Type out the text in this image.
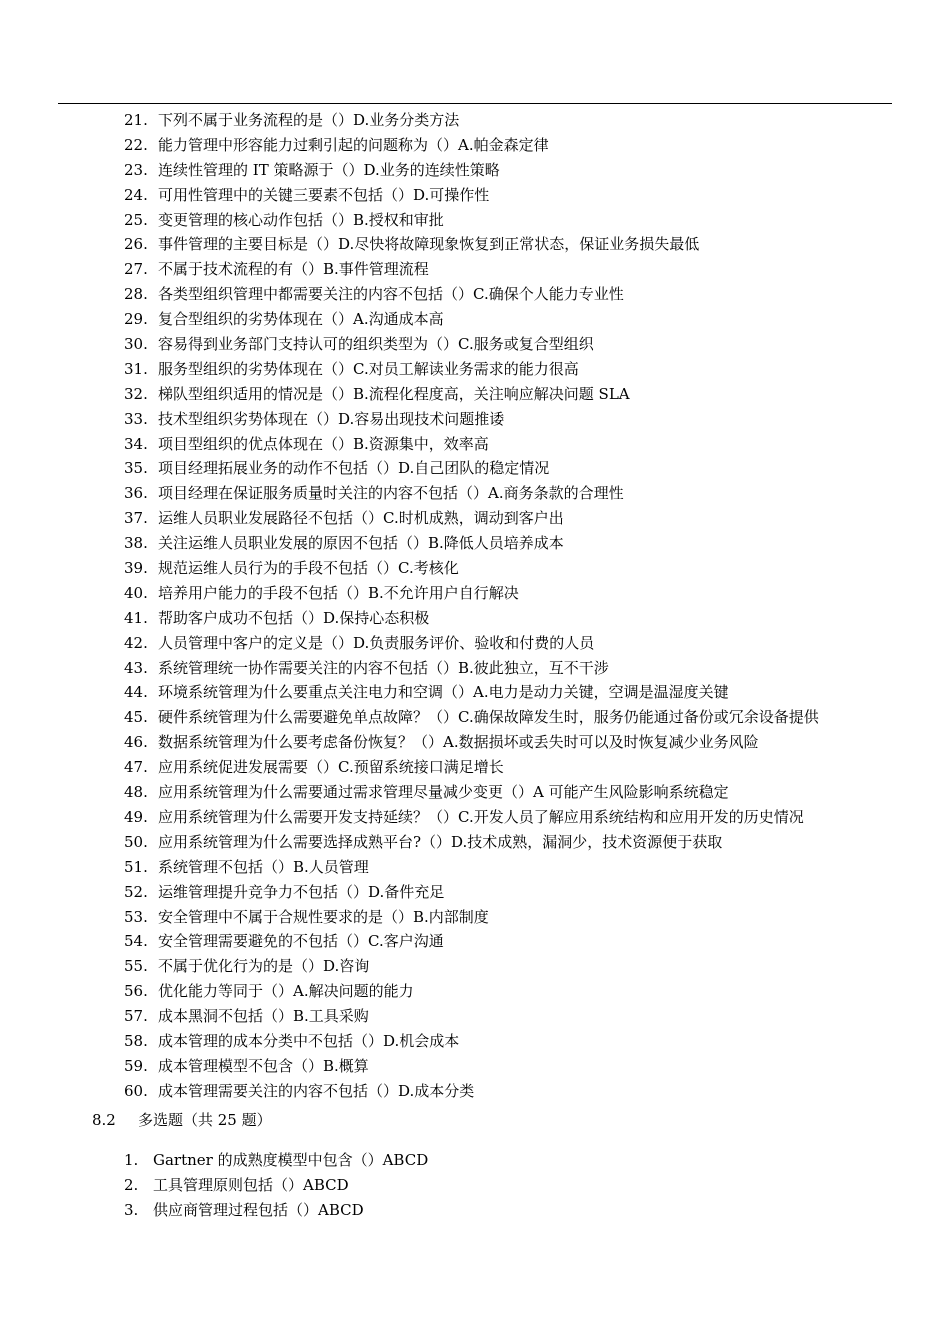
21. 下列不属于业务流程的是（）D.业务分类方法
22. 能力管理中形容能力过剩引起的问题称为（）A.帕金森定律
23. 连续性管理的 IT 策略源于（）D.业务的连续性策略
24. 可用性管理中的关键三要素不包括（）D.可操作性
25. 变更管理的核心动作包括（）B.授权和审批
26. 事件管理的主要目标是（）D.尽快将故障现象恢复到正常状态，保证业务损失最低
27. 不属于技术流程的有（）B.事件管理流程
28. 各类型组织管理中都需要关注的内容不包括（）C.确保个人能力专业性
29. 复合型组织的劣势体现在（）A.沟通成本高
30. 容易得到业务部门支持认可的组织类型为（）C.服务或复合型组织
31. 服务型组织的劣势体现在（）C.对员工解读业务需求的能力很高
32. 梯队型组织适用的情况是（）B.流程化程度高，关注响应解决问题 SLA
33. 技术型组织劣势体现在（）D.容易出现技术问题推诿
34. 项目型组织的优点体现在（）B.资源集中，效率高
35. 项目经理拓展业务的动作不包括（）D.自己团队的稳定情况
36. 项目经理在保证服务质量时关注的内容不包括（）A.商务条款的合理性
37. 运维人员职业发展路径不包括（）C.时机成熟，调动到客户出
38. 关注运维人员职业发展的原因不包括（）B.降低人员培养成本
39. 规范运维人员行为的手段不包括（）C.考核化
40. 培养用户能力的手段不包括（）B.不允许用户自行解决
41. 帮助客户成功不包括（）D.保持心态积极
42. 人员管理中客户的定义是（）D.负责服务评价、验收和付费的人员
43. 系统管理统一协作需要关注的内容不包括（）B.彼此独立，互不干涉
44. 环境系统管理为什么要重点关注电力和空调（）A.电力是动力关键，空调是温湿度关键
45. 硬件系统管理为什么需要避免单点故障？（）C.确保故障发生时，服务仍能通过备份或冗余设备提供
46. 数据系统管理为什么要考虑备份恢复？（）A.数据损坏或丢失时可以及时恢复减少业务风险
47. 应用系统促进发展需要（）C.预留系统接口满足增长
48. 应用系统管理为什么需要通过需求管理尽量减少变更（）A 可能产生风险影响系统稳定
49. 应用系统管理为什么需要开发支持延续？（）C.开发人员了解应用系统结构和应用开发的历史情况
50. 应用系统管理为什么需要选择成熟平台?（）D.技术成熟，漏洞少，技术资源便于获取
51. 系统管理不包括（）B.人员管理
52. 运维管理提升竞争力不包括（）D.备件充足
53. 安全管理中不属于合规性要求的是（）B.内部制度
54. 安全管理需要避免的不包括（）C.客户沟通
55. 不属于优化行为的是（）D.咨询
56. 优化能力等同于（）A.解决问题的能力
57. 成本黑洞不包括（）B.工具采购
58. 成本管理的成本分类中不包括（）D.机会成本
59. 成本管理模型不包含（）B.概算
60. 成本管理需要关注的内容不包括（）D.成本分类
8.2 多选题（共 25 题）
1. Gartner 的成熟度模型中包含（）ABCD
2. 工具管理原则包括（）ABCD
3. 供应商管理过程包括（）ABCD
